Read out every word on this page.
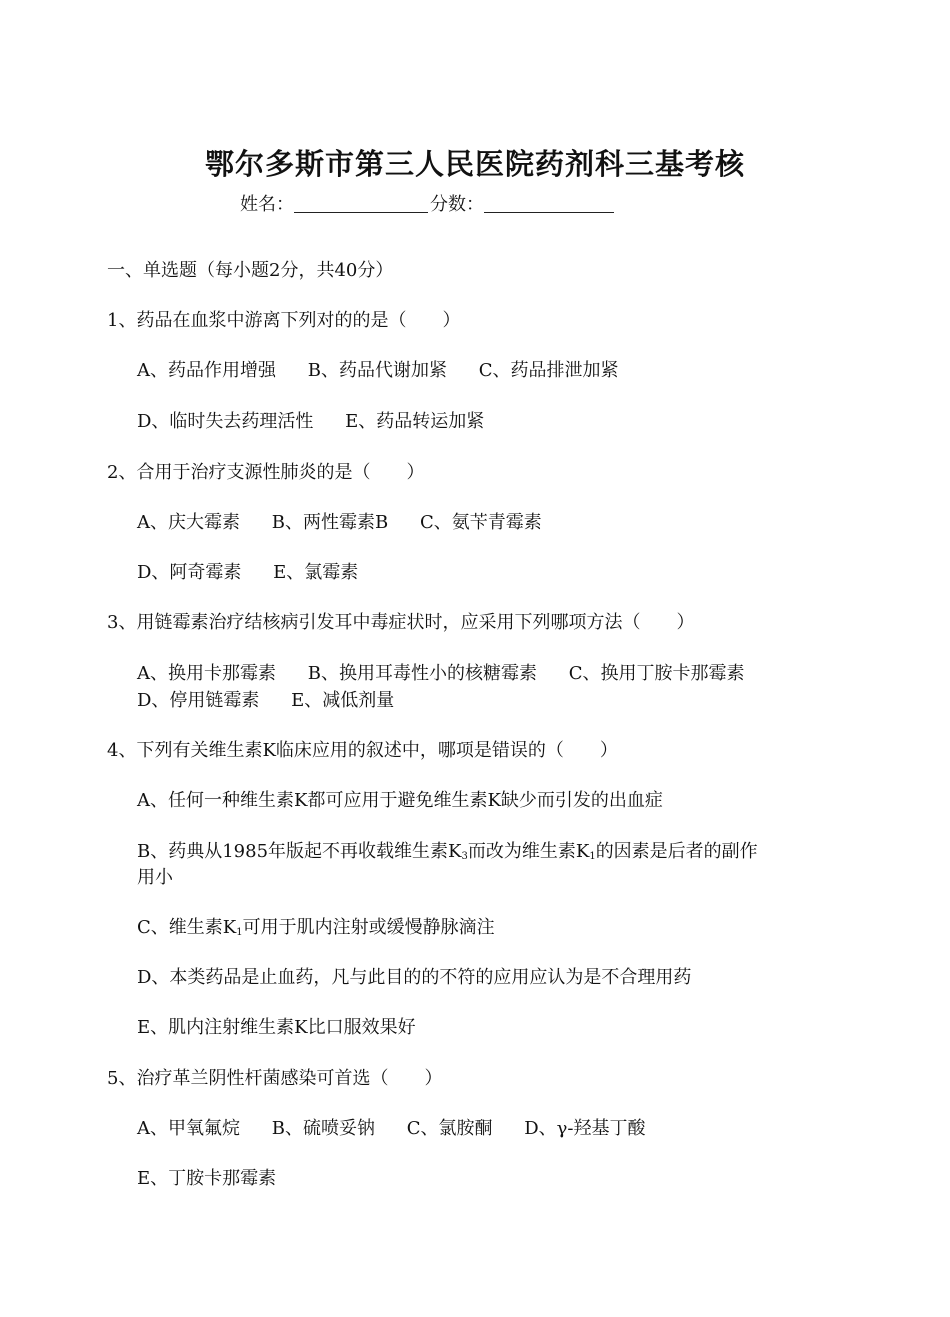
鄂尔多斯市第三人民医院药剂科三基考核
姓名：	分数：
一、单选题（每小题2分，共40分）
1、药品在血浆中游离下列对的的是（　　）
A、药品作用增强 B、药品代谢加紧 C、药品排泄加紧
D、临时失去药理活性 E、药品转运加紧
2、合用于治疗支源性肺炎的是（　　）
A、庆大霉素 B、两性霉素B C、氨苄青霉素
D、阿奇霉素 E、氯霉素
3、用链霉素治疗结核病引发耳中毒症状时，应采用下列哪项方法（　　）
A、换用卡那霉素 B、换用耳毒性小的核糖霉素 C、换用丁胺卡那霉素
D、停用链霉素 E、减低剂量
4、下列有关维生素K临床应用的叙述中，哪项是错误的（　　）
A、任何一种维生素K都可应用于避免维生素K缺少而引发的出血症
B、药典从1985年版起不再收载维生素$K_3$而改为维生素$K_1$的因素是后者的副作
用小
C、维生素$K_1$可用于肌内注射或缓慢静脉滴注
D、本类药品是止血药，凡与此目的的不符的应用应认为是不合理用药
E、肌内注射维生素K比口服效果好
5、治疗革兰阴性杆菌感染可首选（　　）
A、甲氧氟烷 B、硫喷妥钠 C、氯胺酮 D、γ-羟基丁酸
E、丁胺卡那霉素
